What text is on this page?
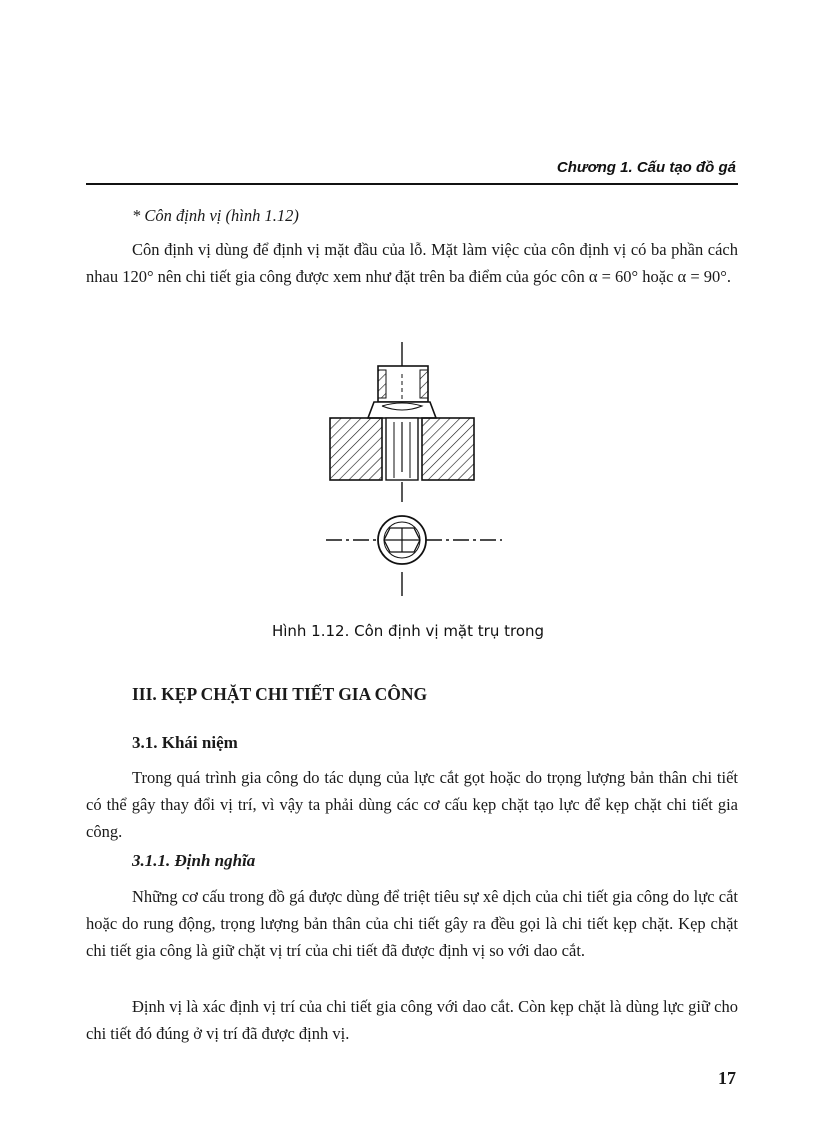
Chương 1. Cấu tạo đồ gá
* Côn định vị (hình 1.12)
Côn định vị dùng để định vị mặt đầu của lỗ. Mặt làm việc của côn định vị có ba phần cách nhau 120° nên chi tiết gia công được xem như đặt trên ba điểm của góc côn α = 60° hoặc α = 90°.
Hình 1.12. Côn định vị mặt trụ trong
III. KẸP CHẶT CHI TIẾT GIA CÔNG
3.1. Khái niệm
Trong quá trình gia công do tác dụng của lực cắt gọt hoặc do trọng lượng bản thân chi tiết có thể gây thay đổi vị trí, vì vậy ta phải dùng các cơ cấu kẹp chặt tạo lực để kẹp chặt chi tiết gia công.
3.1.1. Định nghĩa
Những cơ cấu trong đồ gá được dùng để triệt tiêu sự xê dịch của chi tiết gia công do lực cắt hoặc do rung động, trọng lượng bản thân của chi tiết gây ra đều gọi là chi tiết kẹp chặt. Kẹp chặt chi tiết gia công là giữ chặt vị trí của chi tiết đã được định vị so với dao cắt.
Định vị là xác định vị trí của chi tiết gia công với dao cắt. Còn kẹp chặt là dùng lực giữ cho chi tiết đó đúng ở vị trí đã được định vị.
17
